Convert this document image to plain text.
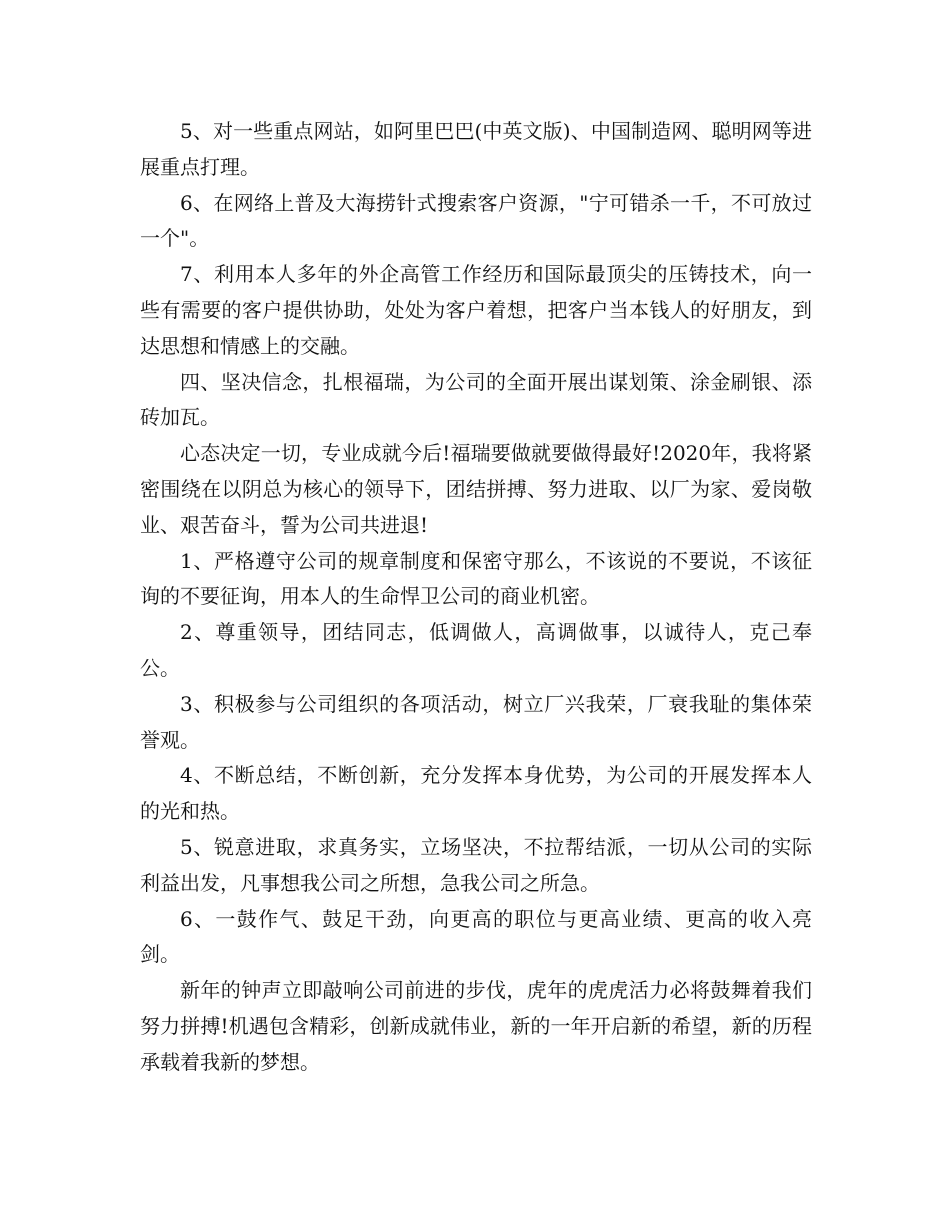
5、对一些重点网站，如阿里巴巴(中英文版)、中国制造网、聪明网等进展重点打理。

6、在网络上普及大海捞针式搜索客户资源，"宁可错杀一千，不可放过一个"。

7、利用本人多年的外企高管工作经历和国际最顶尖的压铸技术，向一些有需要的客户提供协助，处处为客户着想，把客户当本钱人的好朋友，到达思想和情感上的交融。

四、坚决信念，扎根福瑞，为公司的全面开展出谋划策、涂金刷银、添砖加瓦。

心态决定一切，专业成就今后!福瑞要做就要做得最好!2020年，我将紧密围绕在以阴总为核心的领导下，团结拼搏、努力进取、以厂为家、爱岗敬业、艰苦奋斗，誓为公司共进退!

1、严格遵守公司的规章制度和保密守那么，不该说的不要说，不该征询的不要征询，用本人的生命悍卫公司的商业机密。

2、尊重领导，团结同志，低调做人，高调做事，以诚待人，克己奉公。

3、积极参与公司组织的各项活动，树立厂兴我荣，厂衰我耻的集体荣誉观。

4、不断总结，不断创新，充分发挥本身优势，为公司的开展发挥本人的光和热。

5、锐意进取，求真务实，立场坚决，不拉帮结派，一切从公司的实际利益出发，凡事想我公司之所想，急我公司之所急。

6、一鼓作气、鼓足干劲，向更高的职位与更高业绩、更高的收入亮剑。

新年的钟声立即敲响公司前进的步伐，虎年的虎虎活力必将鼓舞着我们努力拼搏!机遇包含精彩，创新成就伟业，新的一年开启新的希望，新的历程承载着我新的梦想。
